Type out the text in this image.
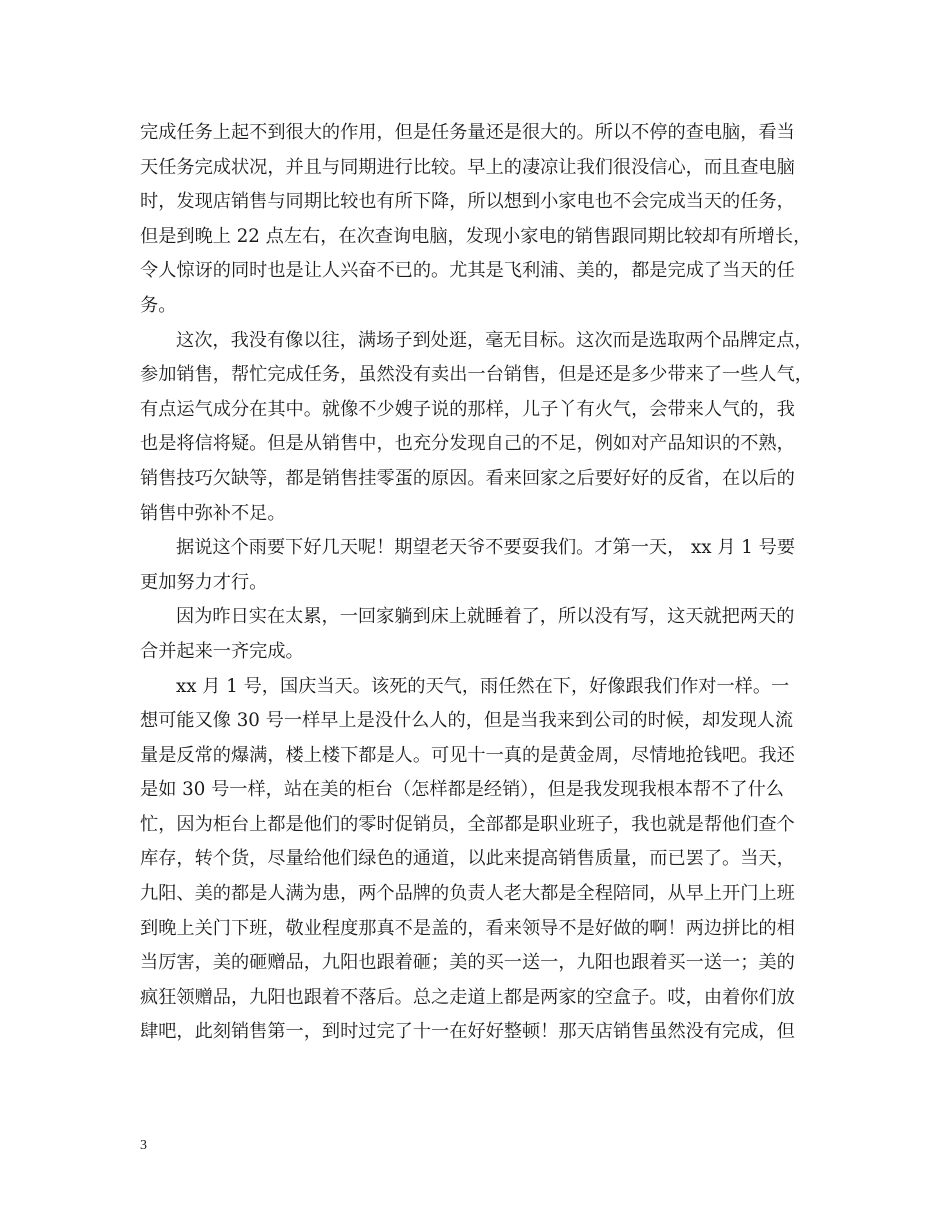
完成任务上起不到很大的作用，但是任务量还是很大的。所以不停的查电脑，看当
天任务完成状况，并且与同期进行比较。早上的凄凉让我们很没信心，而且查电脑
时，发现店销售与同期比较也有所下降，所以想到小家电也不会完成当天的任务，
但是到晚上 22 点左右，在次查询电脑，发现小家电的销售跟同期比较却有所增长，
令人惊讶的同时也是让人兴奋不已的。尤其是飞利浦、美的，都是完成了当天的任
务。
这次，我没有像以往，满场子到处逛，毫无目标。这次而是选取两个品牌定点，
参加销售，帮忙完成任务，虽然没有卖出一台销售，但是还是多少带来了一些人气，
有点运气成分在其中。就像不少嫂子说的那样，儿子丫有火气，会带来人气的，我
也是将信将疑。但是从销售中，也充分发现自己的不足，例如对产品知识的不熟，
销售技巧欠缺等，都是销售挂零蛋的原因。看来回家之后要好好的反省，在以后的
销售中弥补不足。
据说这个雨要下好几天呢！期望老天爷不要耍我们。才第一天， xx 月 1 号要
更加努力才行。
因为昨日实在太累，一回家躺到床上就睡着了，所以没有写，这天就把两天的
合并起来一齐完成。
xx 月 1 号，国庆当天。该死的天气，雨任然在下，好像跟我们作对一样。一
想可能又像 30 号一样早上是没什么人的，但是当我来到公司的时候，却发现人流
量是反常的爆满，楼上楼下都是人。可见十一真的是黄金周，尽情地抢钱吧。我还
是如 30 号一样，站在美的柜台（怎样都是经销），但是我发现我根本帮不了什么
忙，因为柜台上都是他们的零时促销员，全部都是职业班子，我也就是帮他们查个
库存，转个货，尽量给他们绿色的通道，以此来提高销售质量，而已罢了。当天，
九阳、美的都是人满为患，两个品牌的负责人老大都是全程陪同，从早上开门上班
到晚上关门下班，敬业程度那真不是盖的，看来领导不是好做的啊！两边拼比的相
当厉害，美的砸赠品，九阳也跟着砸；美的买一送一，九阳也跟着买一送一；美的
疯狂领赠品，九阳也跟着不落后。总之走道上都是两家的空盒子。哎，由着你们放
肆吧，此刻销售第一，到时过完了十一在好好整顿！那天店销售虽然没有完成，但
3
